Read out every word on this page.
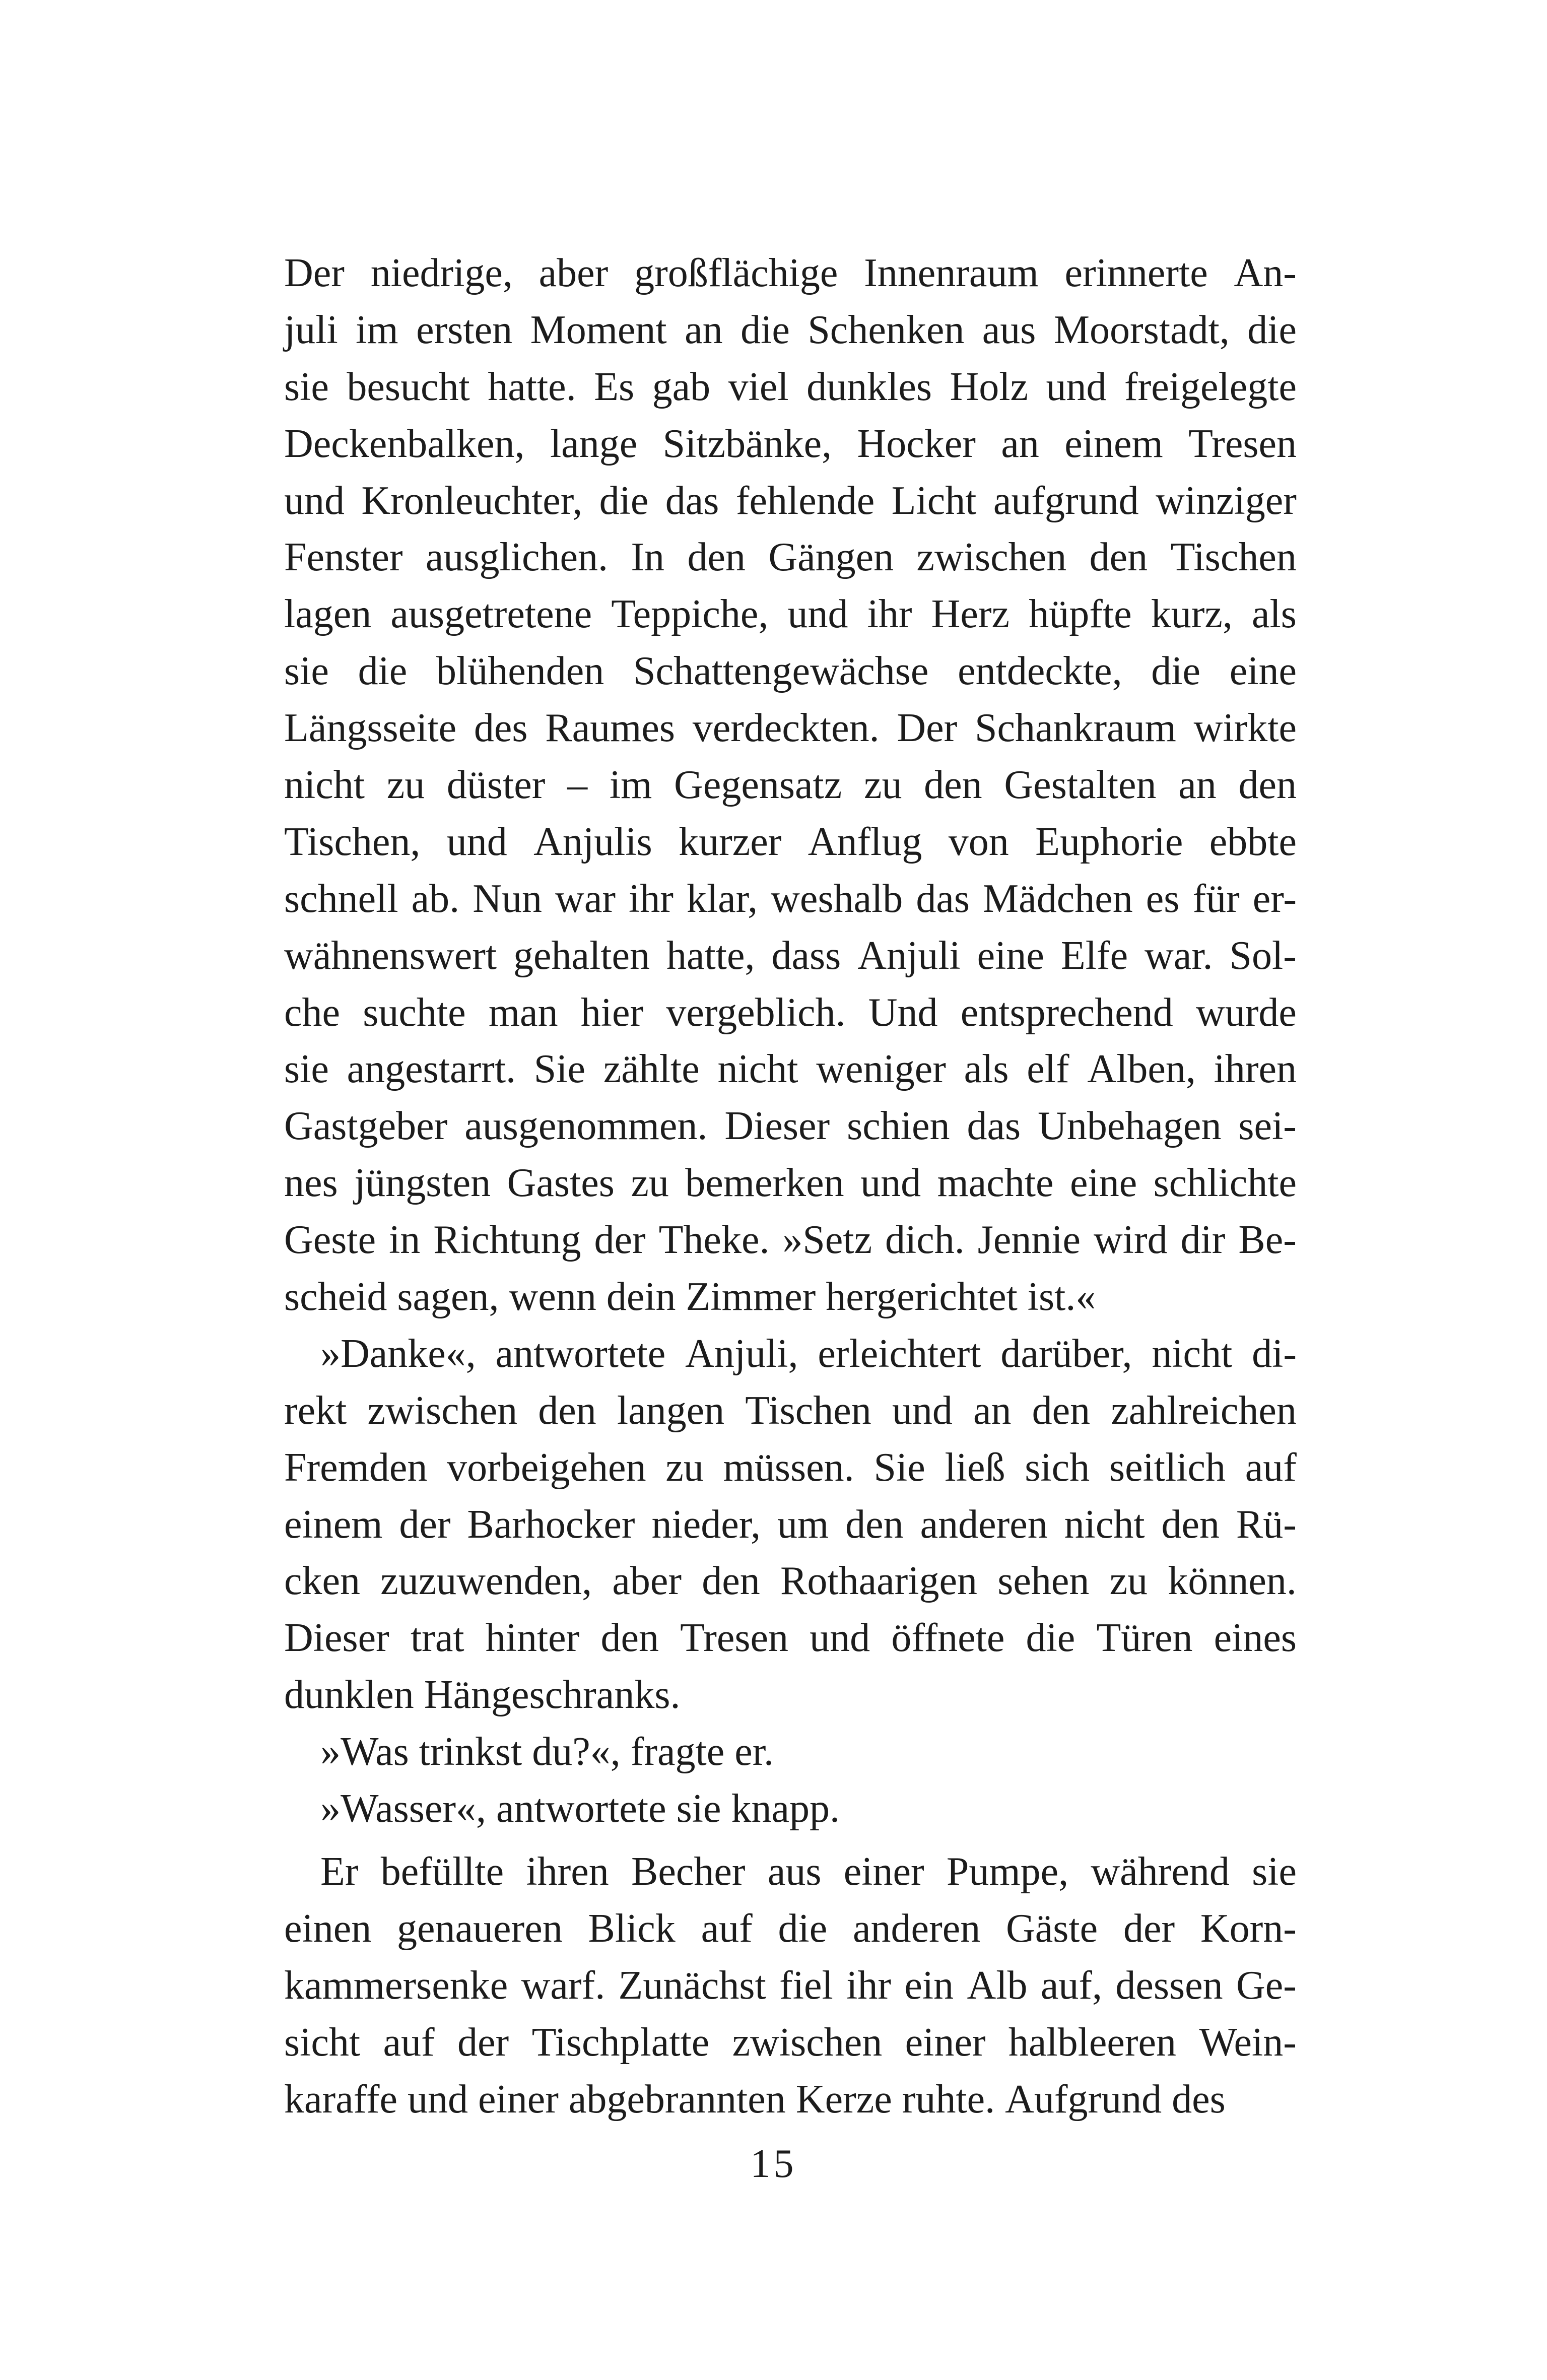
Der niedrige, aber großflächige Innenraum erinnerte An-
juli im ersten Moment an die Schenken aus Moorstadt, die
sie besucht hatte. Es gab viel dunkles Holz und freigelegte
Deckenbalken, lange Sitzbänke, Hocker an einem Tresen
und Kronleuchter, die das fehlende Licht aufgrund winziger
Fenster ausglichen. In den Gängen zwischen den Tischen
lagen ausgetretene Teppiche, und ihr Herz hüpfte kurz, als
sie die blühenden Schattengewächse entdeckte, die eine
Längsseite des Raumes verdeckten. Der Schankraum wirkte
nicht zu düster – im Gegensatz zu den Gestalten an den
Tischen, und Anjulis kurzer Anflug von Euphorie ebbte
schnell ab. Nun war ihr klar, weshalb das Mädchen es für er-
wähnenswert gehalten hatte, dass Anjuli eine Elfe war. Sol-
che suchte man hier vergeblich. Und entsprechend wurde
sie angestarrt. Sie zählte nicht weniger als elf Alben, ihren
Gastgeber ausgenommen. Dieser schien das Unbehagen sei-
nes jüngsten Gastes zu bemerken und machte eine schlichte
Geste in Richtung der Theke. »Setz dich. Jennie wird dir Be-
scheid sagen, wenn dein Zimmer hergerichtet ist.«
»Danke«, antwortete Anjuli, erleichtert darüber, nicht di-
rekt zwischen den langen Tischen und an den zahlreichen
Fremden vorbeigehen zu müssen. Sie ließ sich seitlich auf
einem der Barhocker nieder, um den anderen nicht den Rü-
cken zuzuwenden, aber den Rothaarigen sehen zu können.
Dieser trat hinter den Tresen und öffnete die Türen eines
dunklen Hängeschranks.
»Was trinkst du?«, fragte er.
»Wasser«, antwortete sie knapp.
Er befüllte ihren Becher aus einer Pumpe, während sie
einen genaueren Blick auf die anderen Gäste der Korn-
kammersenke warf. Zunächst fiel ihr ein Alb auf, dessen Ge-
sicht auf der Tischplatte zwischen einer halbleeren Wein-
karaffe und einer abgebrannten Kerze ruhte. Aufgrund des
15
